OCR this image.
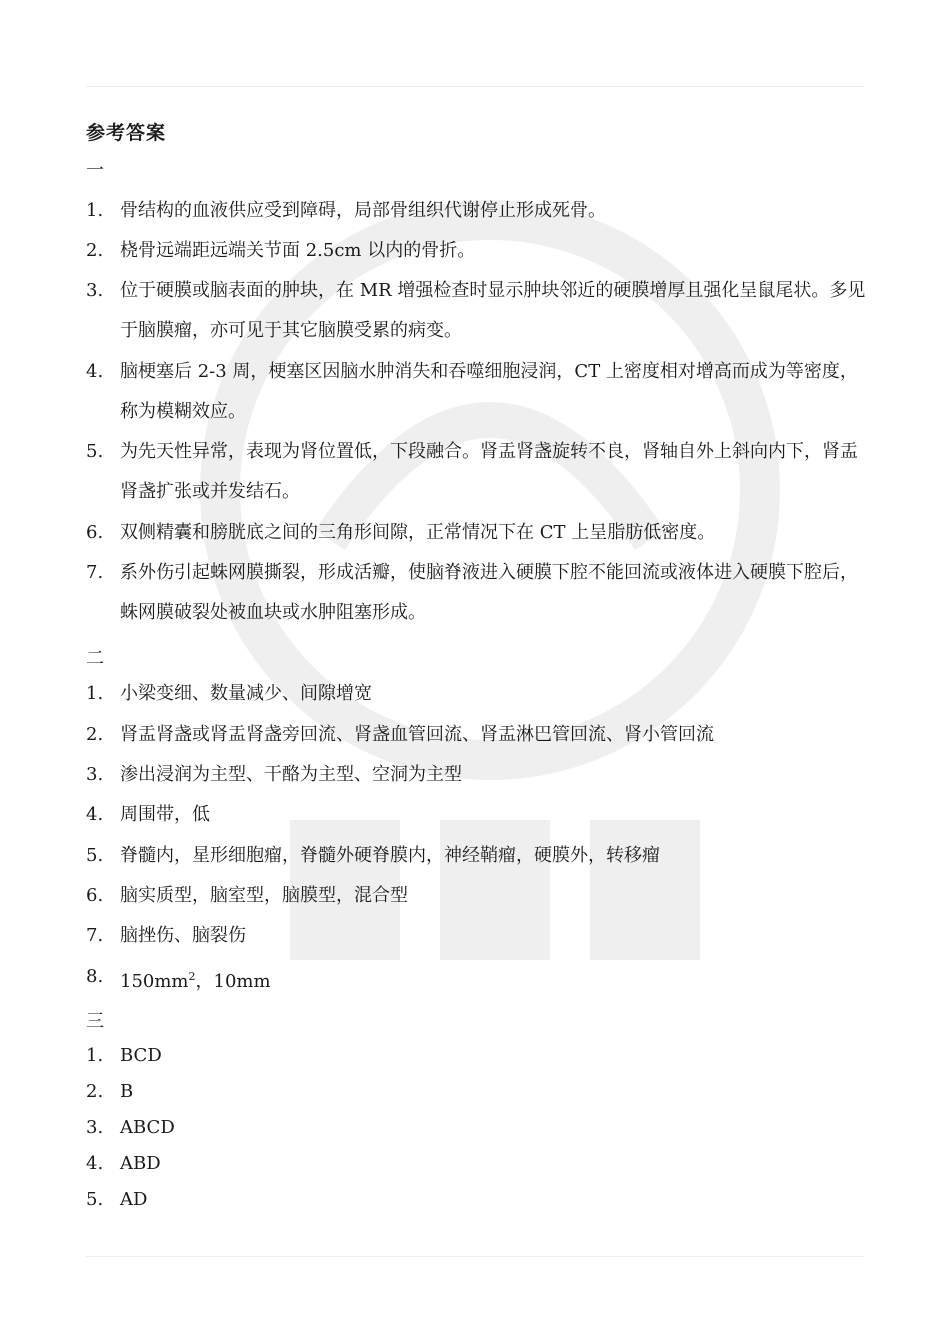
参考答案
一
1. 骨结构的血液供应受到障碍，局部骨组织代谢停止形成死骨。
2. 桡骨远端距远端关节面 2.5cm 以内的骨折。
3. 位于硬膜或脑表面的肿块，在 MR 增强检查时显示肿块邻近的硬膜增厚且强化呈鼠尾状。多见于脑膜瘤，亦可见于其它脑膜受累的病变。
4. 脑梗塞后 2-3 周，梗塞区因脑水肿消失和吞噬细胞浸润，CT 上密度相对增高而成为等密度，称为模糊效应。
5. 为先天性异常，表现为肾位置低，下段融合。肾盂肾盏旋转不良，肾轴自外上斜向内下，肾盂肾盏扩张或并发结石。
6. 双侧精囊和膀胱底之间的三角形间隙，正常情况下在 CT 上呈脂肪低密度。
7. 系外伤引起蛛网膜撕裂，形成活瓣，使脑脊液进入硬膜下腔不能回流或液体进入硬膜下腔后，蛛网膜破裂处被血块或水肿阻塞形成。
二
1. 小梁变细、数量减少、间隙增宽
2. 肾盂肾盏或肾盂肾盏旁回流、肾盏血管回流、肾盂淋巴管回流、肾小管回流
3. 渗出浸润为主型、干酪为主型、空洞为主型
4. 周围带，低
5. 脊髓内，星形细胞瘤，脊髓外硬脊膜内，神经鞘瘤，硬膜外，转移瘤
6. 脑实质型，脑室型，脑膜型，混合型
7. 脑挫伤、脑裂伤
8. $150mm^2$，10mm
三
1. BCD
2. B
3. ABCD
4. ABD
5. AD
